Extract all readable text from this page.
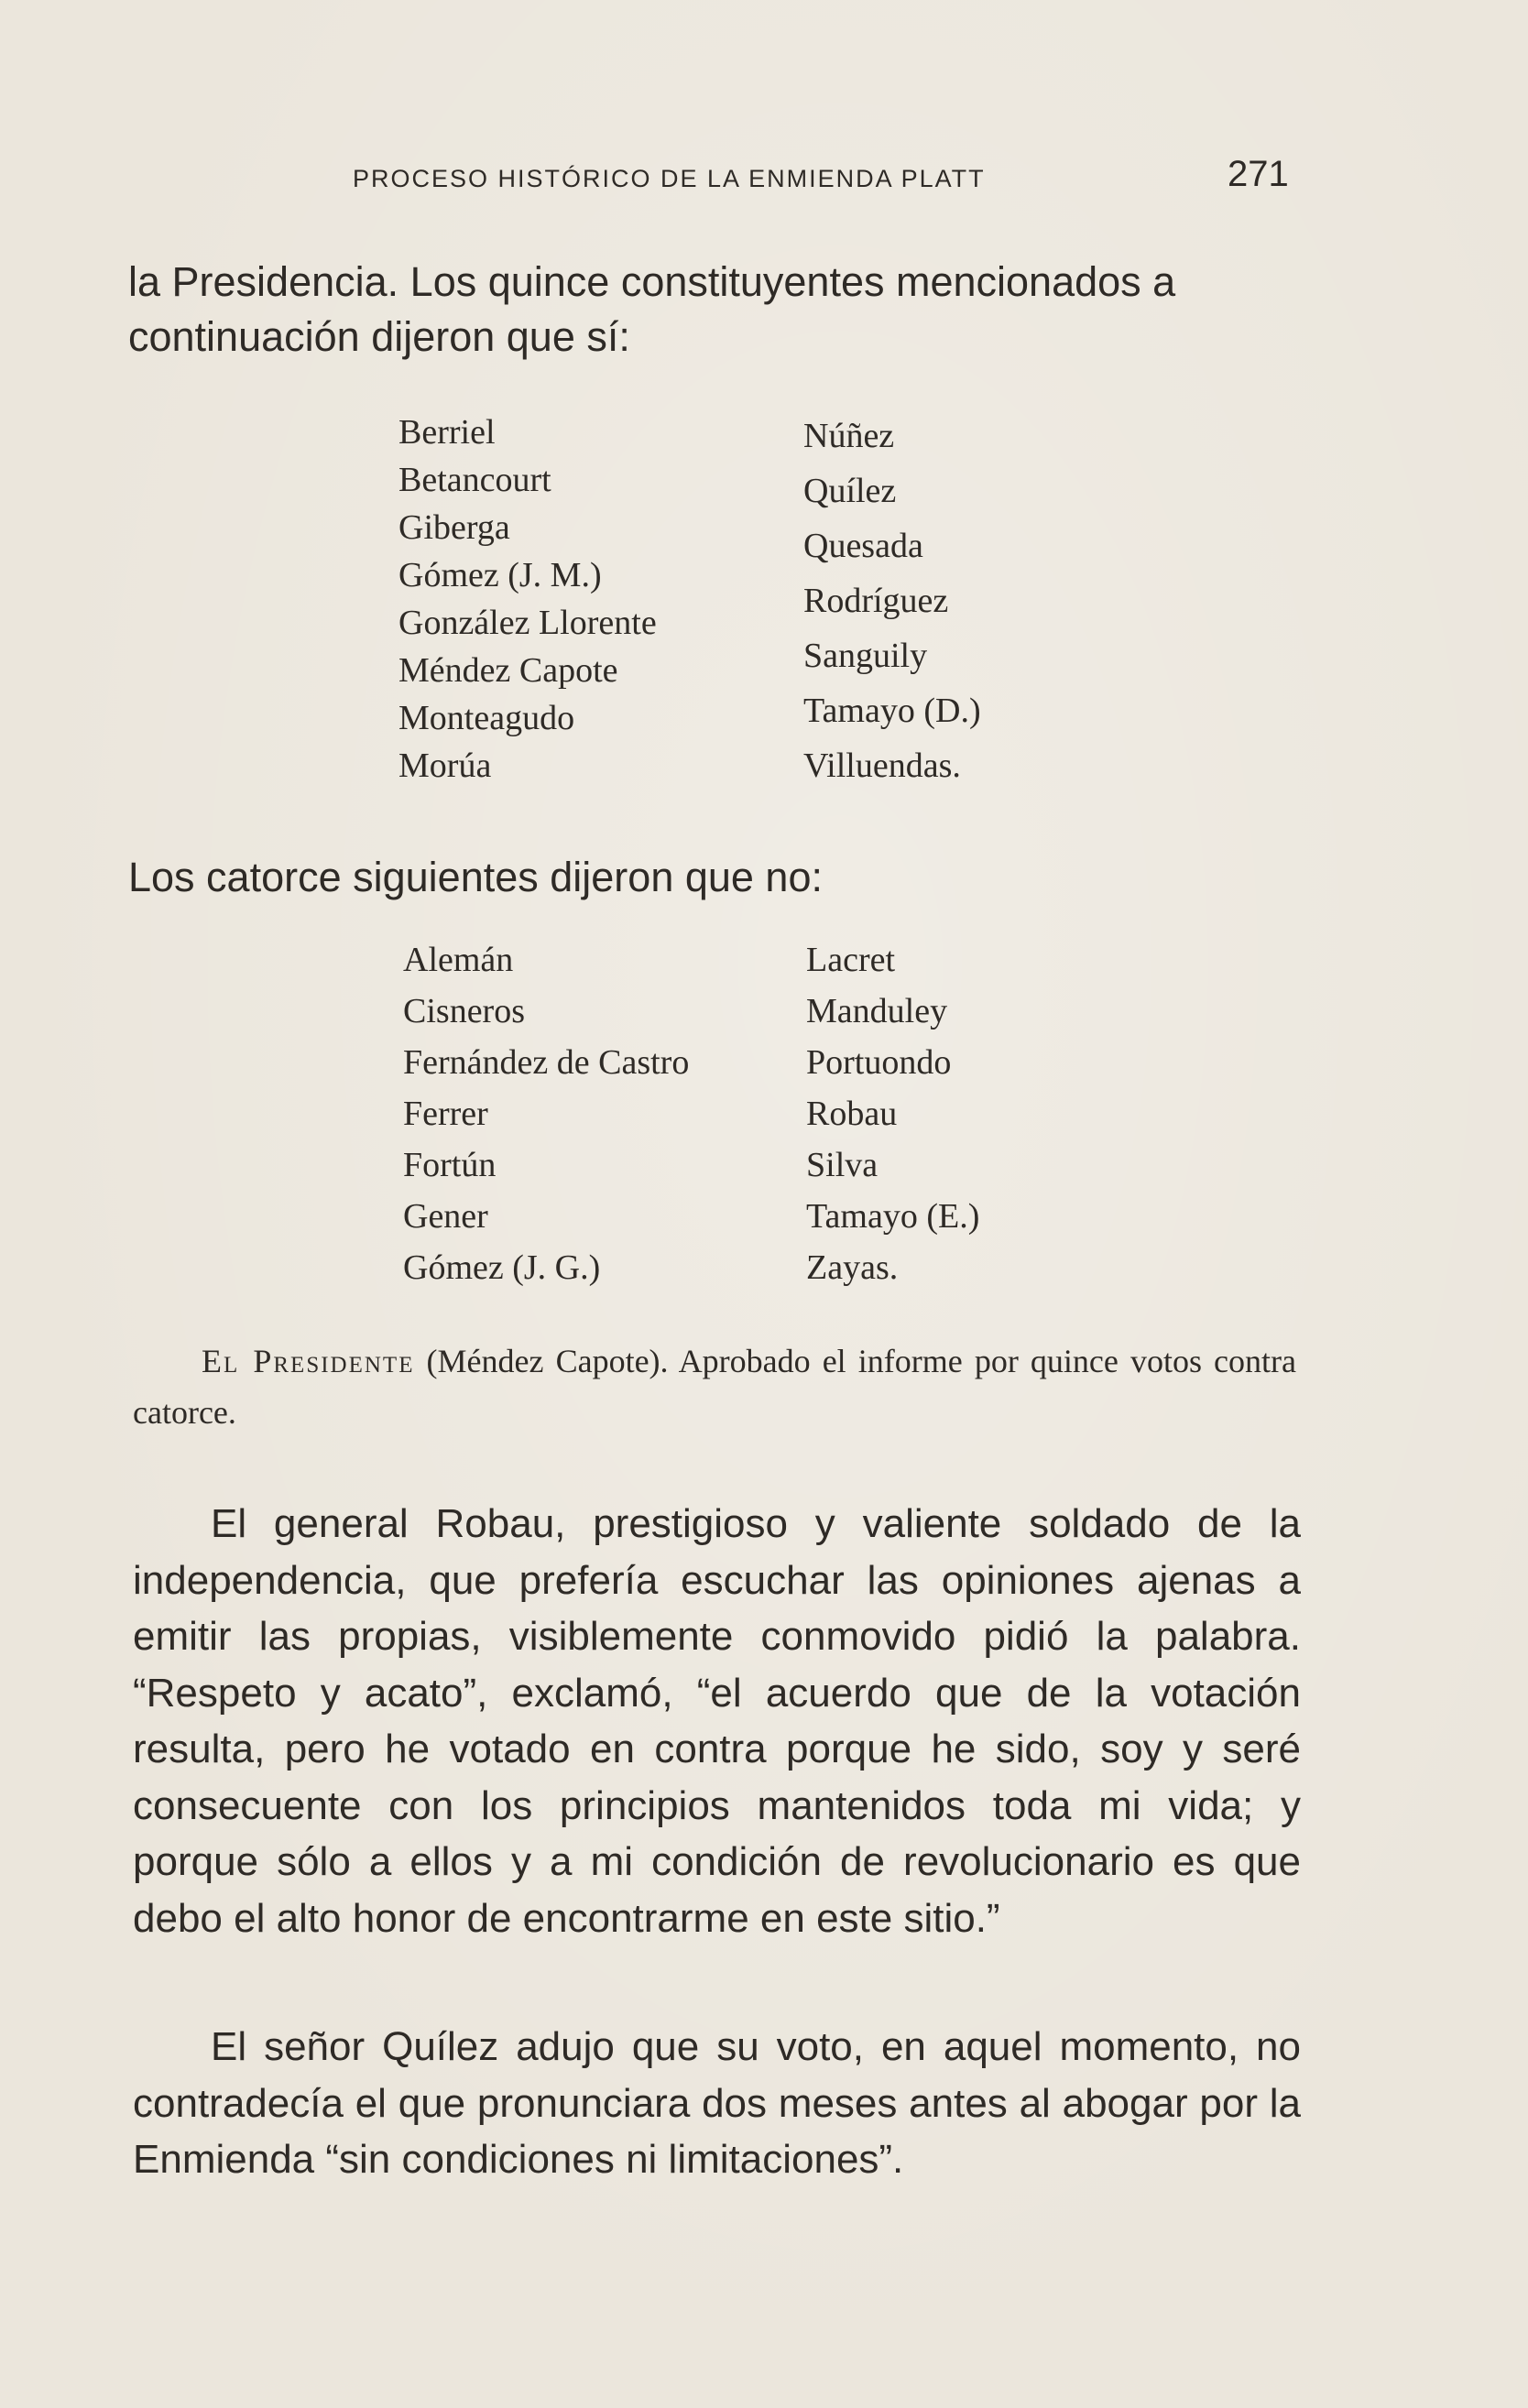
PROCESO HISTÓRICO DE LA ENMIENDA PLATT	271
la Presidencia. Los quince constituyentes mencionados a continuación dijeron que sí:
Berriel
Betancourt
Giberga
Gómez (J. M.)
González Llorente
Méndez Capote
Monteagudo
Morúa
Núñez
Quílez
Quesada
Rodríguez
Sanguily
Tamayo (D.)
Villuendas.
Los catorce siguientes dijeron que no:
Alemán
Cisneros
Fernández de Castro
Ferrer
Fortún
Gener
Gómez (J. G.)
Lacret
Manduley
Portuondo
Robau
Silva
Tamayo (E.)
Zayas.
El Presidente (Méndez Capote). Aprobado el informe por quince votos contra catorce.
El general Robau, prestigioso y valiente soldado de la independencia, que prefería escuchar las opiniones ajenas a emitir las propias, visiblemente conmovido pidió la palabra. “Respeto y acato”, exclamó, “el acuerdo que de la votación resulta, pero he votado en contra porque he sido, soy y seré consecuente con los principios mantenidos toda mi vida; y porque sólo a ellos y a mi condición de revolucionario es que debo el alto honor de encontrarme en este sitio.”
El señor Quílez adujo que su voto, en aquel momento, no contradecía el que pronunciara dos meses antes al abogar por la Enmienda “sin condiciones ni limitaciones”.
